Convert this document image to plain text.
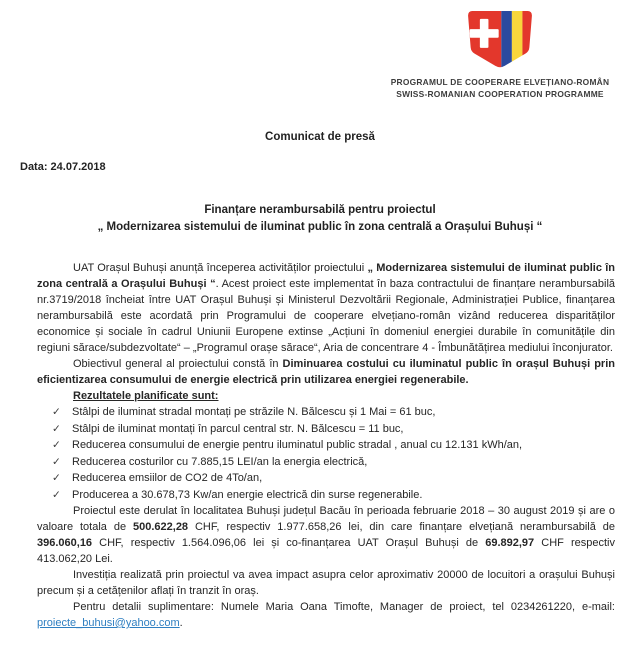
PROGRAMUL DE COOPERARE ELVEȚIANO-ROMÂN
SWISS-ROMANIAN COOPERATION PROGRAMME
Comunicat de presă
Data: 24.07.2018
Finanțare nerambursabilă pentru proiectul
„ Modernizarea sistemului de iluminat public în zona centrală a Orașului Buhuși “

UAT Orașul Buhuși anunță începerea activităților proiectului „ Modernizarea sistemului de iluminat public în zona centrală a Orașului Buhuși “. Acest proiect este implementat în baza contractului de finanțare nerambursabilă nr.3719/2018 încheiat între UAT Orașul Buhuși și Ministerul Dezvoltării Regionale, Administrației Publice, finanțarea nerambursabilă este acordată prin Programului de cooperare elvețiano-român vizând reducerea disparităților economice și sociale în cadrul Uniunii Europene extinse „Acțiuni în domeniul energiei durabile în comunitățile din regiuni sărace/subdezvoltate“ – „Programul orașe sărace“, Aria de concentrare 4 - Îmbunătățirea mediului înconjurator.

Obiectivul general al proiectului constă în Diminuarea costului cu iluminatul public în orașul Buhuși prin eficientizarea consumului de energie electrică prin utilizarea energiei regenerabile.

Rezultatele planificate sunt:
✓	Stâlpi de iluminat stradal montați pe străzile N. Bălcescu și 1 Mai = 61 buc,
✓	Stâlpi de iluminat montați în parcul central str. N. Bălcescu = 11 buc,
✓	Reducerea consumului de energie pentru iluminatul public stradal , anual cu 12.131 kWh/an,
✓	Reducerea costurilor cu 7.885,15 LEI/an la energia electrică,
✓	Reducerea emsiilor de CO2 de 4To/an,
✓	Producerea a 30.678,73 Kw/an energie electrică din surse regenerabile.

Proiectul este derulat în localitatea Buhuși județul Bacău în perioada februarie 2018 – 30 august 2019 și are o valoare totala de 500.622,28 CHF, respectiv 1.977.658,26 lei, din care finanțare elvețiană nerambursabilă de 396.060,16 CHF, respectiv 1.564.096,06 lei și co-finanțarea UAT Orașul Buhuși de 69.892,97 CHF respectiv 413.062,20 Lei.

Investiția realizată prin proiectul va avea impact asupra celor aproximativ 20000 de locuitori a orașului Buhuși precum și a cetățenilor aflați în tranzit în oraș.

Pentru detalii suplimentare: Numele Maria Oana Timofte, Manager de proiect, tel 0234261220, e-mail: proiecte_buhusi@yahoo.com.
